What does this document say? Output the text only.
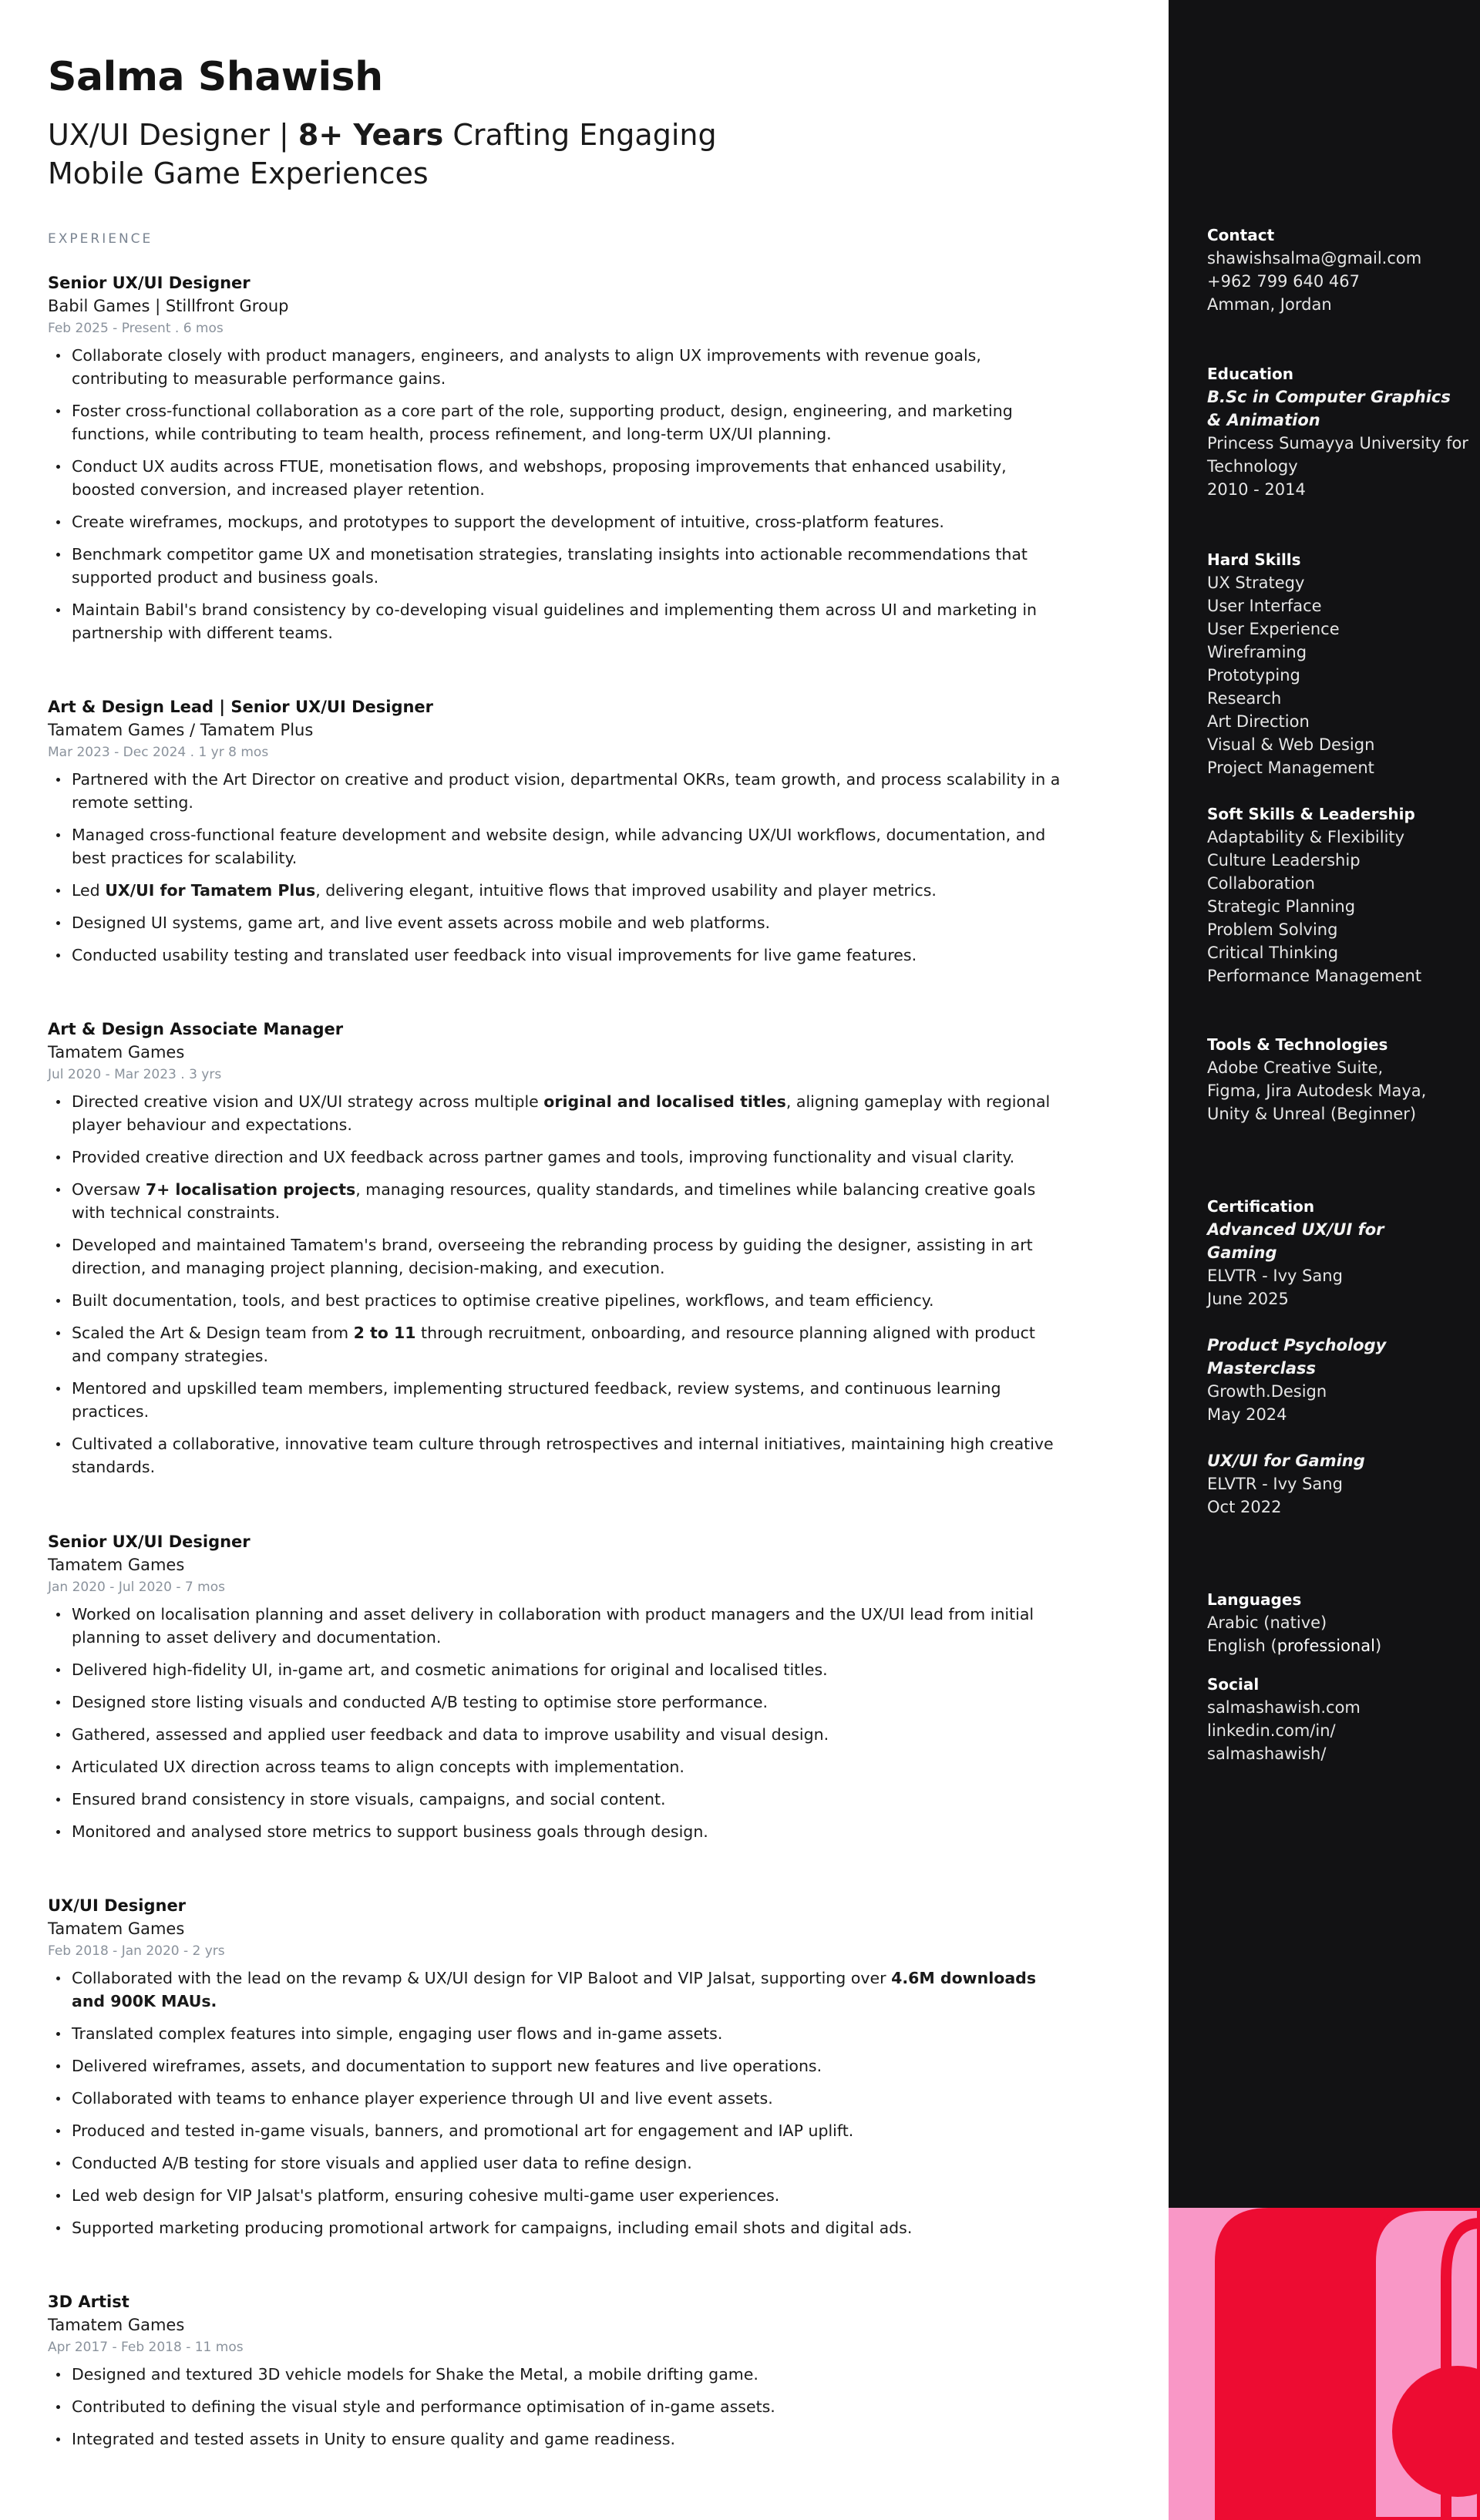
Salma Shawish
UX/UI Designer | 8+ Years Crafting Engaging Mobile Game Experiences
EXPERIENCE
Senior UX/UI Designer
Babil Games | Stillfront Group
Feb 2025 - Present . 6 mos
Collaborate closely with product managers, engineers, and analysts to align UX improvements with revenue goals, contributing to measurable performance gains.
Foster cross-functional collaboration as a core part of the role, supporting product, design, engineering, and marketing functions, while contributing to team health, process refinement, and long-term UX/UI planning.
Conduct UX audits across FTUE, monetisation flows, and webshops, proposing improvements that enhanced usability, boosted conversion, and increased player retention.
Create wireframes, mockups, and prototypes to support the development of intuitive, cross-platform features.
Benchmark competitor game UX and monetisation strategies, translating insights into actionable recommendations that supported product and business goals.
Maintain Babil's brand consistency by co-developing visual guidelines and implementing them across UI and marketing in partnership with different teams.
Art & Design Lead | Senior UX/UI Designer
Tamatem Games / Tamatem Plus
Mar 2023 - Dec 2024 . 1 yr 8 mos
Partnered with the Art Director on creative and product vision, departmental OKRs, team growth, and process scalability in a remote setting.
Managed cross-functional feature development and website design, while advancing UX/UI workflows, documentation, and best practices for scalability.
Led UX/UI for Tamatem Plus, delivering elegant, intuitive flows that improved usability and player metrics.
Designed UI systems, game art, and live event assets across mobile and web platforms.
Conducted usability testing and translated user feedback into visual improvements for live game features.
Art & Design Associate Manager
Tamatem Games
Jul 2020 - Mar 2023 . 3 yrs
Directed creative vision and UX/UI strategy across multiple original and localised titles, aligning gameplay with regional player behaviour and expectations.
Provided creative direction and UX feedback across partner games and tools, improving functionality and visual clarity.
Oversaw 7+ localisation projects, managing resources, quality standards, and timelines while balancing creative goals with technical constraints.
Developed and maintained Tamatem's brand, overseeing the rebranding process by guiding the designer, assisting in art direction, and managing project planning, decision-making, and execution.
Built documentation, tools, and best practices to optimise creative pipelines, workflows, and team efficiency.
Scaled the Art & Design team from 2 to 11 through recruitment, onboarding, and resource planning aligned with product and company strategies.
Mentored and upskilled team members, implementing structured feedback, review systems, and continuous learning practices.
Cultivated a collaborative, innovative team culture through retrospectives and internal initiatives, maintaining high creative standards.
Senior UX/UI Designer
Tamatem Games
Jan 2020 - Jul 2020 - 7 mos
Worked on localisation planning and asset delivery in collaboration with product managers and the UX/UI lead from initial planning to asset delivery and documentation.
Delivered high-fidelity UI, in-game art, and cosmetic animations for original and localised titles.
Designed store listing visuals and conducted A/B testing to optimise store performance.
Gathered, assessed and applied user feedback and data to improve usability and visual design.
Articulated UX direction across teams to align concepts with implementation.
Ensured brand consistency in store visuals, campaigns, and social content.
Monitored and analysed store metrics to support business goals through design.
UX/UI Designer
Tamatem Games
Feb 2018 - Jan 2020 - 2 yrs
Collaborated with the lead on the revamp & UX/UI design for VIP Baloot and VIP Jalsat, supporting over 4.6M downloads and 900K MAUs.
Translated complex features into simple, engaging user flows and in-game assets.
Delivered wireframes, assets, and documentation to support new features and live operations.
Collaborated with teams to enhance player experience through UI and live event assets.
Produced and tested in-game visuals, banners, and promotional art for engagement and IAP uplift.
Conducted A/B testing for store visuals and applied user data to refine design.
Led web design for VIP Jalsat's platform, ensuring cohesive multi-game user experiences.
Supported marketing producing promotional artwork for campaigns, including email shots and digital ads.
3D Artist
Tamatem Games
Apr 2017 - Feb 2018 - 11 mos
Designed and textured 3D vehicle models for Shake the Metal, a mobile drifting game.
Contributed to defining the visual style and performance optimisation of in-game assets.
Integrated and tested assets in Unity to ensure quality and game readiness.
Contact
shawishsalma@gmail.com
+962 799 640 467
Amman, Jordan
Education
B.Sc in Computer Graphics & Animation
Princess Sumayya University for Technology
2010 - 2014
Hard Skills
UX Strategy
User Interface
User Experience
Wireframing
Prototyping
Research
Art Direction
Visual & Web Design
Project Management
Soft Skills & Leadership
Adaptability & Flexibility
Culture Leadership
Collaboration
Strategic Planning
Problem Solving
Critical Thinking
Performance Management
Tools & Technologies
Adobe Creative Suite, Figma, Jira Autodesk Maya, Unity & Unreal (Beginner)
Certification
Advanced UX/UI for Gaming
ELVTR - Ivy Sang
June 2025
Product Psychology Masterclass
Growth.Design
May 2024
UX/UI for Gaming
ELVTR - Ivy Sang
Oct 2022
Languages
Arabic (native)
English (professional)
Social
salmashawish.com
linkedin.com/in/ salmashawish/
